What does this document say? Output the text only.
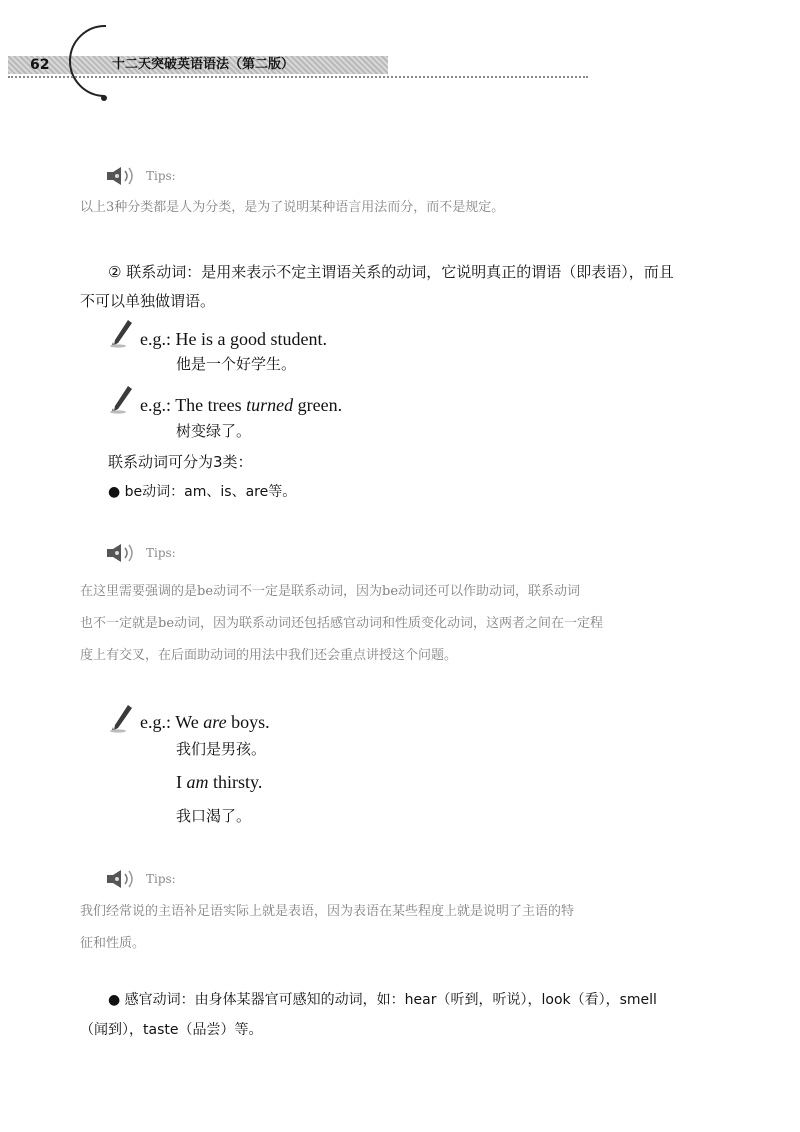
62	十二天突破英语语法（第二版）
Tips:
以上3种分类都是人为分类，是为了说明某种语言用法而分，而不是规定。
② 联系动词：是用来表示不定主谓语关系的动词，它说明真正的谓语（即表语），而且
不可以单独做谓语。
e.g.: He is a good student.
他是一个好学生。
e.g.: The trees turned green.
树变绿了。
联系动词可分为3类：
● be动词：am、is、are等。
Tips:
在这里需要强调的是be动词不一定是联系动词，因为be动词还可以作助动词，联系动词
也不一定就是be动词，因为联系动词还包括感官动词和性质变化动词，这两者之间在一定程
度上有交叉，在后面助动词的用法中我们还会重点讲授这个问题。
e.g.: We are boys.
我们是男孩。
I am thirsty.
我口渴了。
Tips:
我们经常说的主语补足语实际上就是表语，因为表语在某些程度上就是说明了主语的特
征和性质。
● 感官动词：由身体某器官可感知的动词，如：hear（听到，听说），look（看），smell
（闻到），taste（品尝）等。
